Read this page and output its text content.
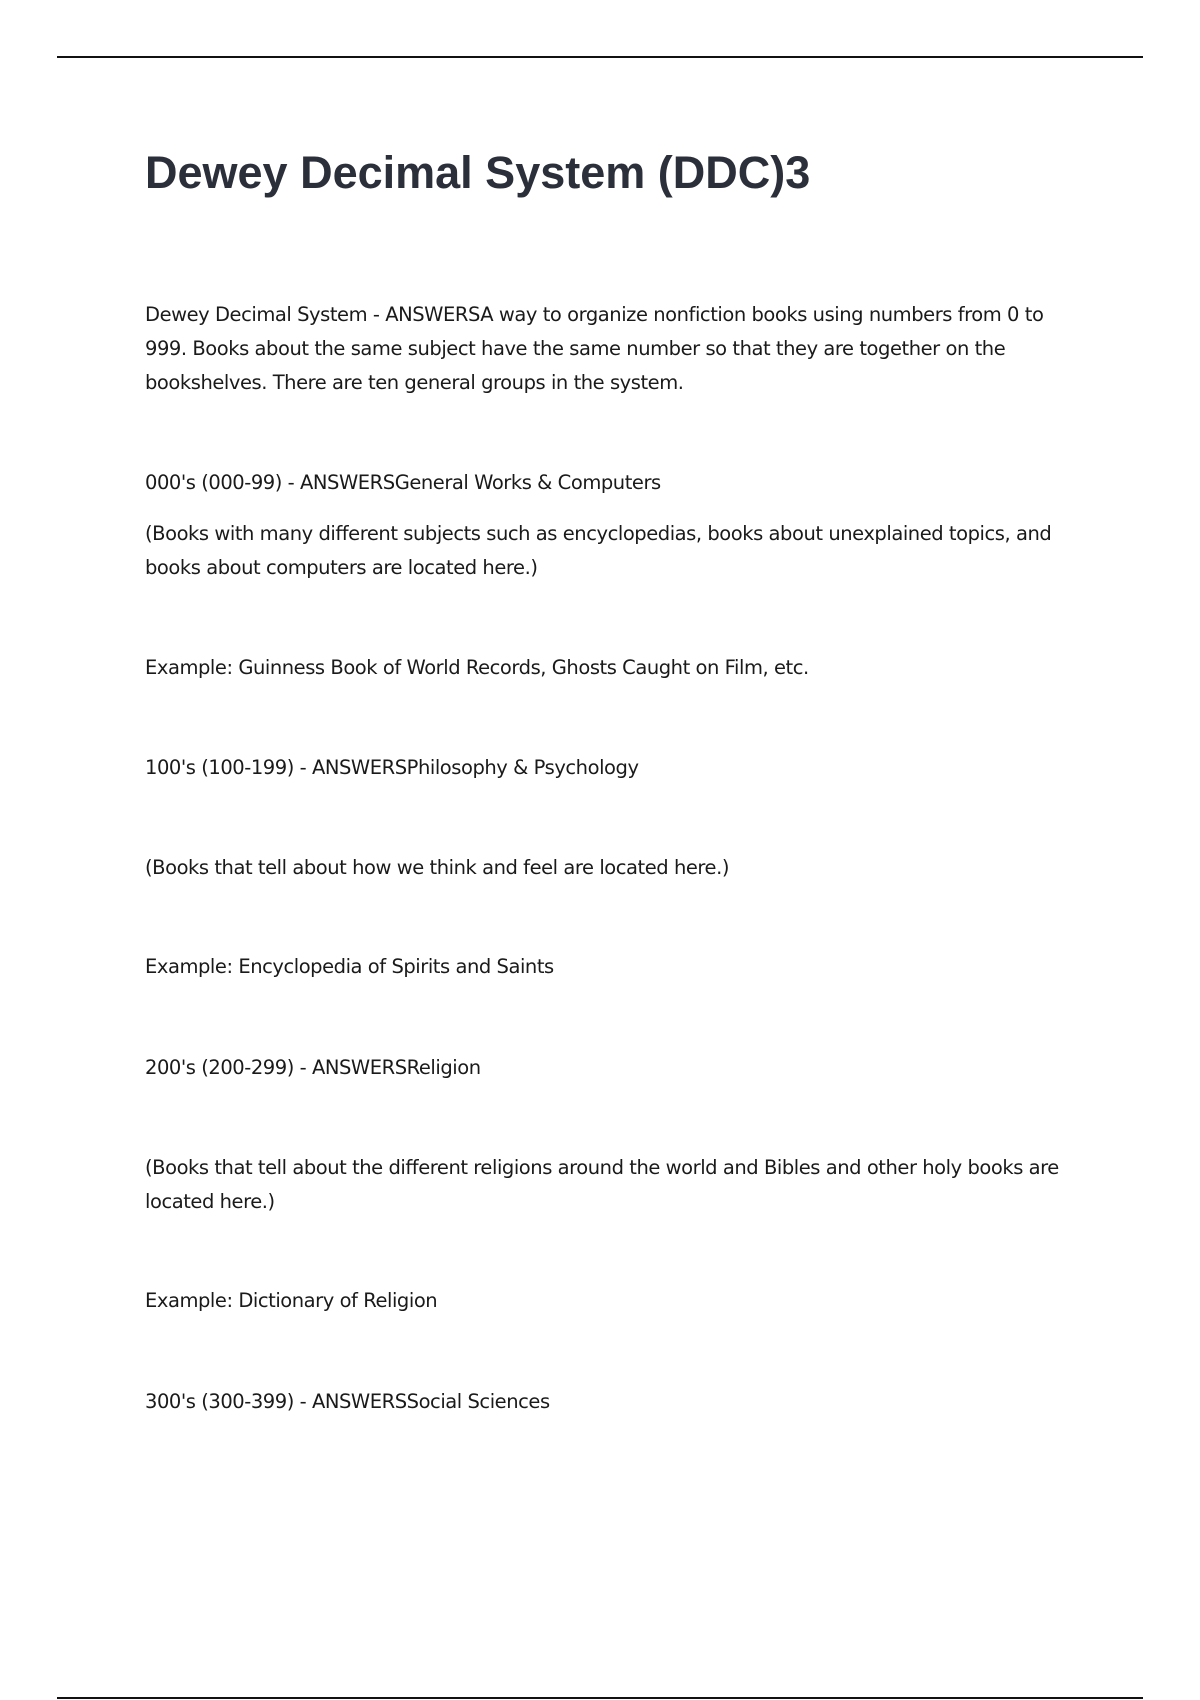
Dewey Decimal System (DDC)3

Dewey Decimal System - ANSWERSA way to organize nonfiction books using numbers from 0 to 999. Books about the same subject have the same number so that they are together on the bookshelves. There are ten general groups in the system.

000's (000-99) - ANSWERSGeneral Works & Computers

(Books with many different subjects such as encyclopedias, books about unexplained topics, and books about computers are located here.)

Example: Guinness Book of World Records, Ghosts Caught on Film, etc.

100's (100-199) - ANSWERSPhilosophy & Psychology

(Books that tell about how we think and feel are located here.)

Example: Encyclopedia of Spirits and Saints

200's (200-299) - ANSWERSReligion

(Books that tell about the different religions around the world and Bibles and other holy books are located here.)

Example: Dictionary of Religion

300's (300-399) - ANSWERSSocial Sciences
